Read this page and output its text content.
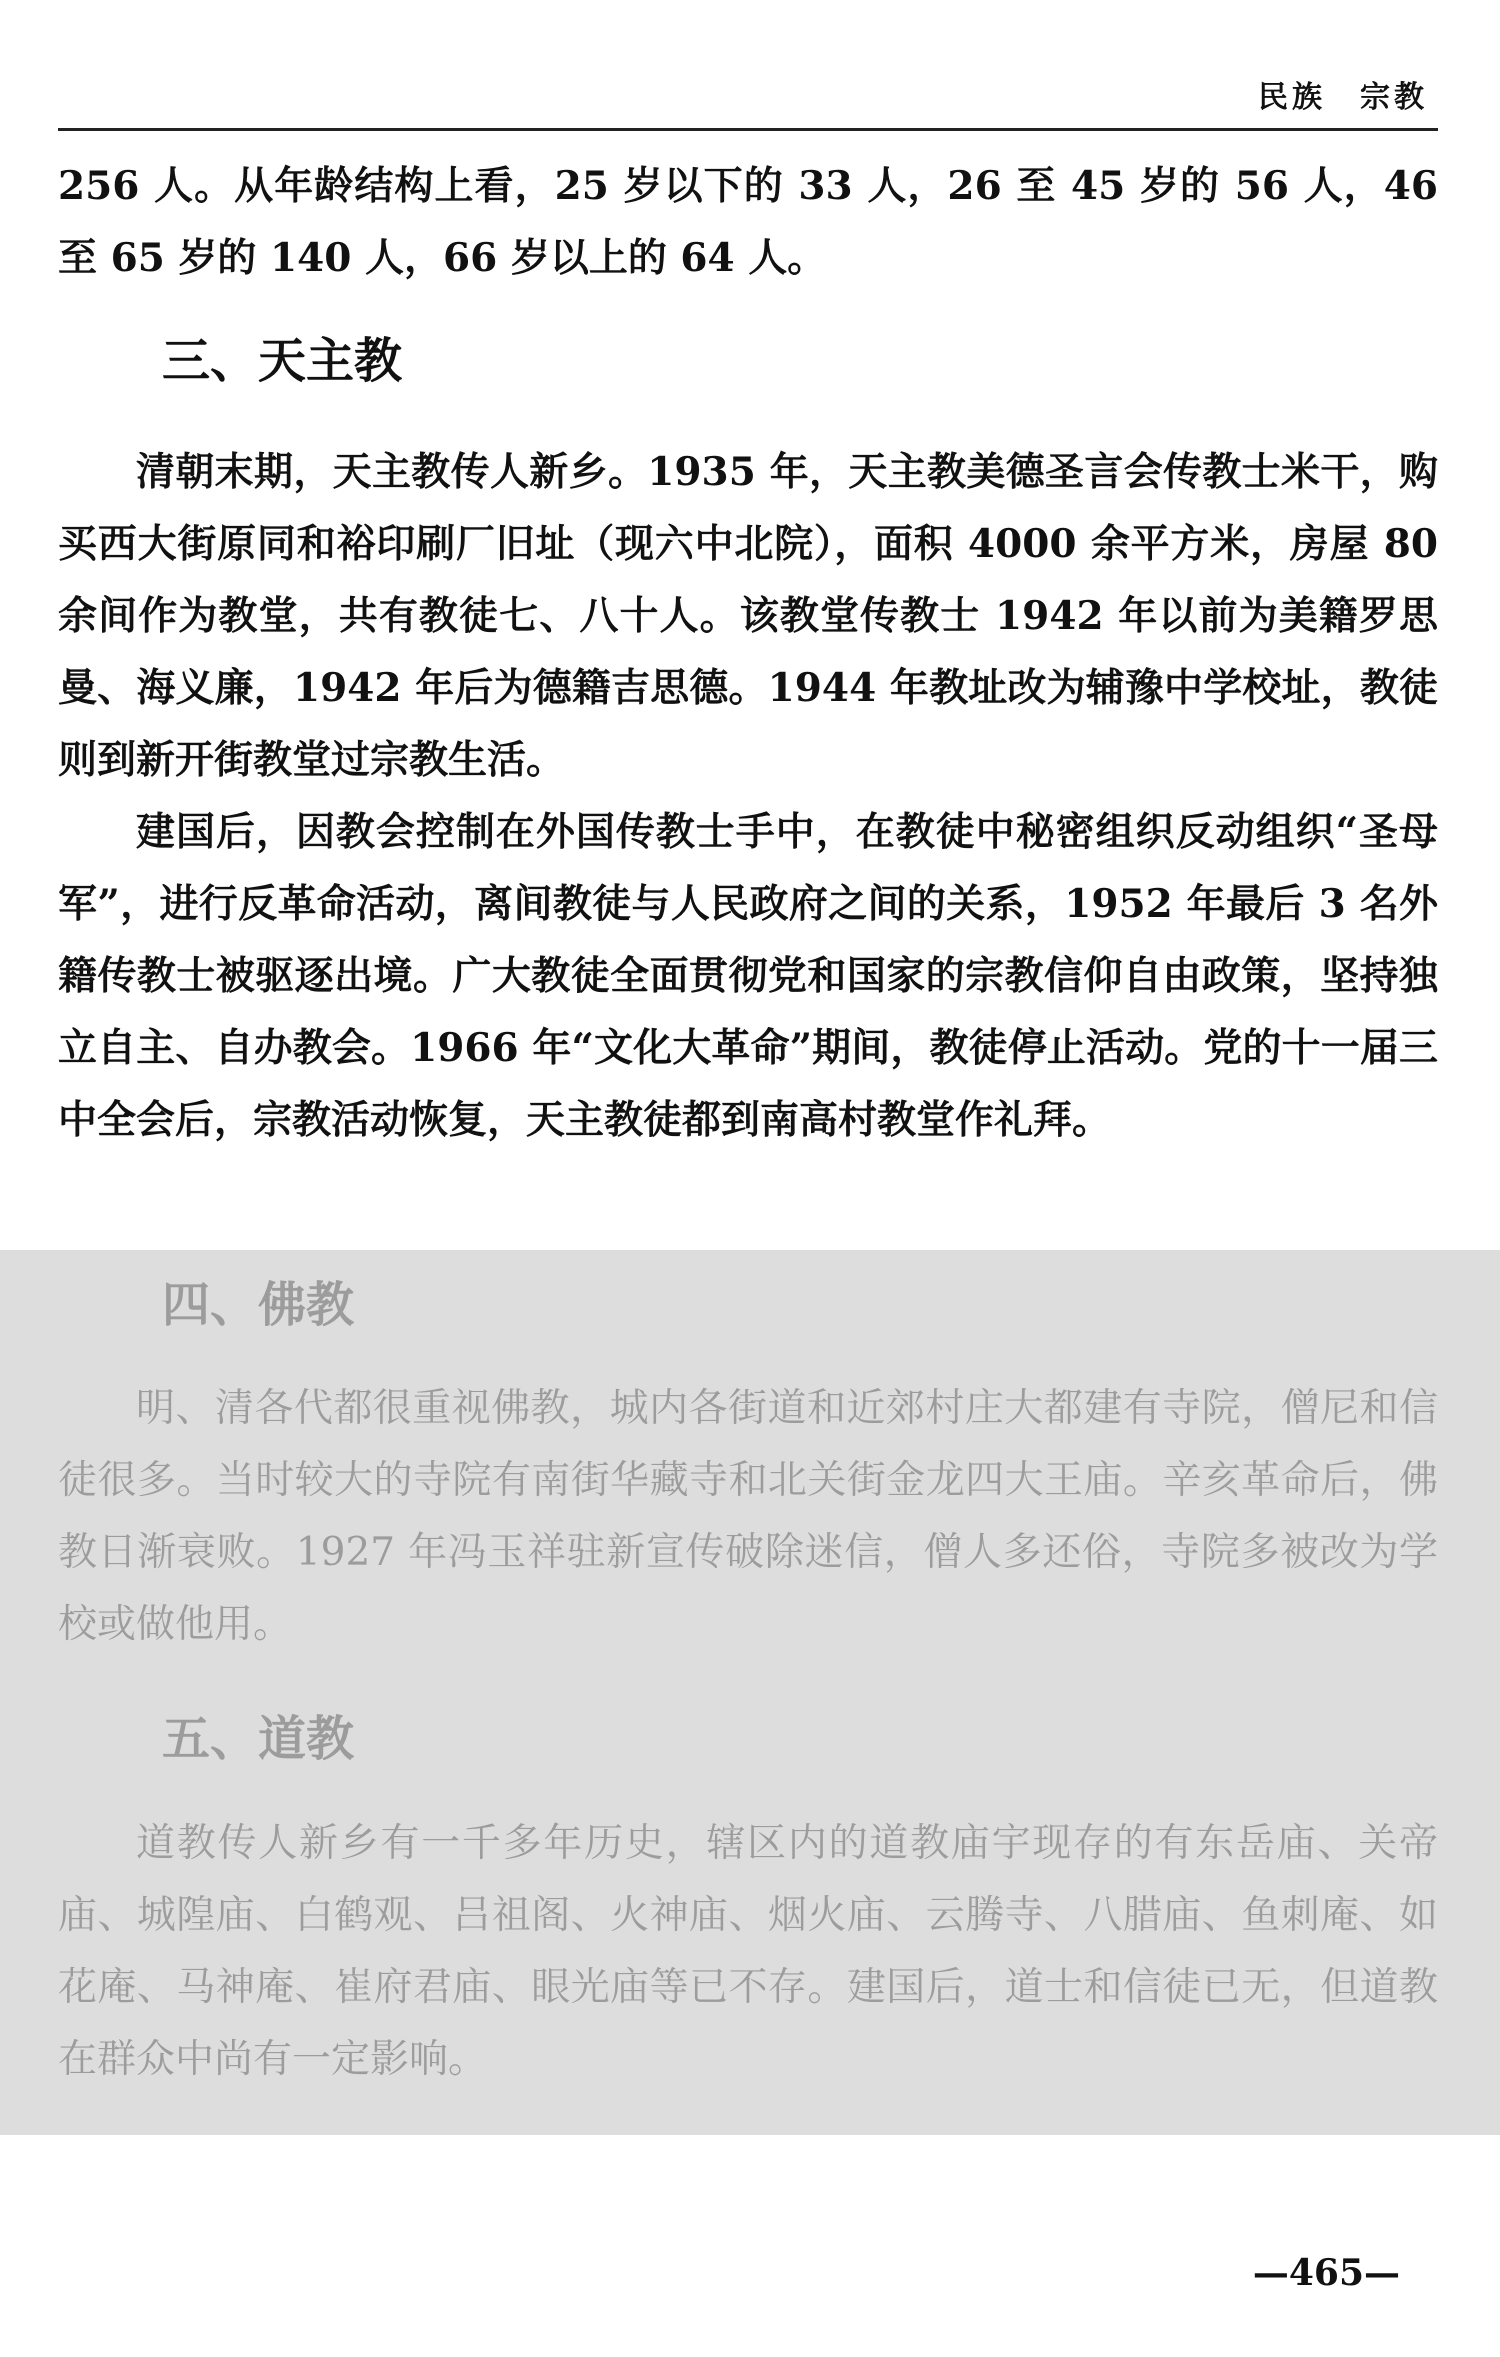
民族　宗教

256 人。从年龄结构上看，25 岁以下的 33 人，26 至 45 岁的 56 人，46 至 65 岁的 140 人，66 岁以上的 64 人。

三、天主教

清朝末期，天主教传人新乡。1935 年，天主教美德圣言会传教士米干，购买西大街原同和裕印刷厂旧址（现六中北院），面积 4000 余平方米，房屋 80 余间作为教堂，共有教徒七、八十人。该教堂传教士 1942 年以前为美籍罗思曼、海义廉，1942 年后为德籍吉思德。1944 年教址改为辅豫中学校址，教徒则到新开街教堂过宗教生活。

建国后，因教会控制在外国传教士手中，在教徒中秘密组织反动组织“圣母军”，进行反革命活动，离间教徒与人民政府之间的关系，1952 年最后 3 名外籍传教士被驱逐出境。广大教徒全面贯彻党和国家的宗教信仰自由政策，坚持独立自主、自办教会。1966 年“文化大革命”期间，教徒停止活动。党的十一届三中全会后，宗教活动恢复，天主教徒都到南高村教堂作礼拜。

四、佛教

明、清各代都很重视佛教，城内各街道和近郊村庄大都建有寺院，僧尼和信徒很多。当时较大的寺院有南街华藏寺和北关街金龙四大王庙。辛亥革命后，佛教日渐衰败。1927 年冯玉祥驻新宣传破除迷信，僧人多还俗，寺院多被改为学校或做他用。

五、道教

道教传人新乡有一千多年历史，辖区内的道教庙宇现存的有东岳庙、关帝庙、城隍庙、白鹤观、吕祖阁、火神庙、烟火庙、云腾寺、八腊庙、鱼刺庵、如花庵、马神庵、崔府君庙、眼光庙等已不存。建国后，道士和信徒已无，但道教在群众中尚有一定影响。

—465—
